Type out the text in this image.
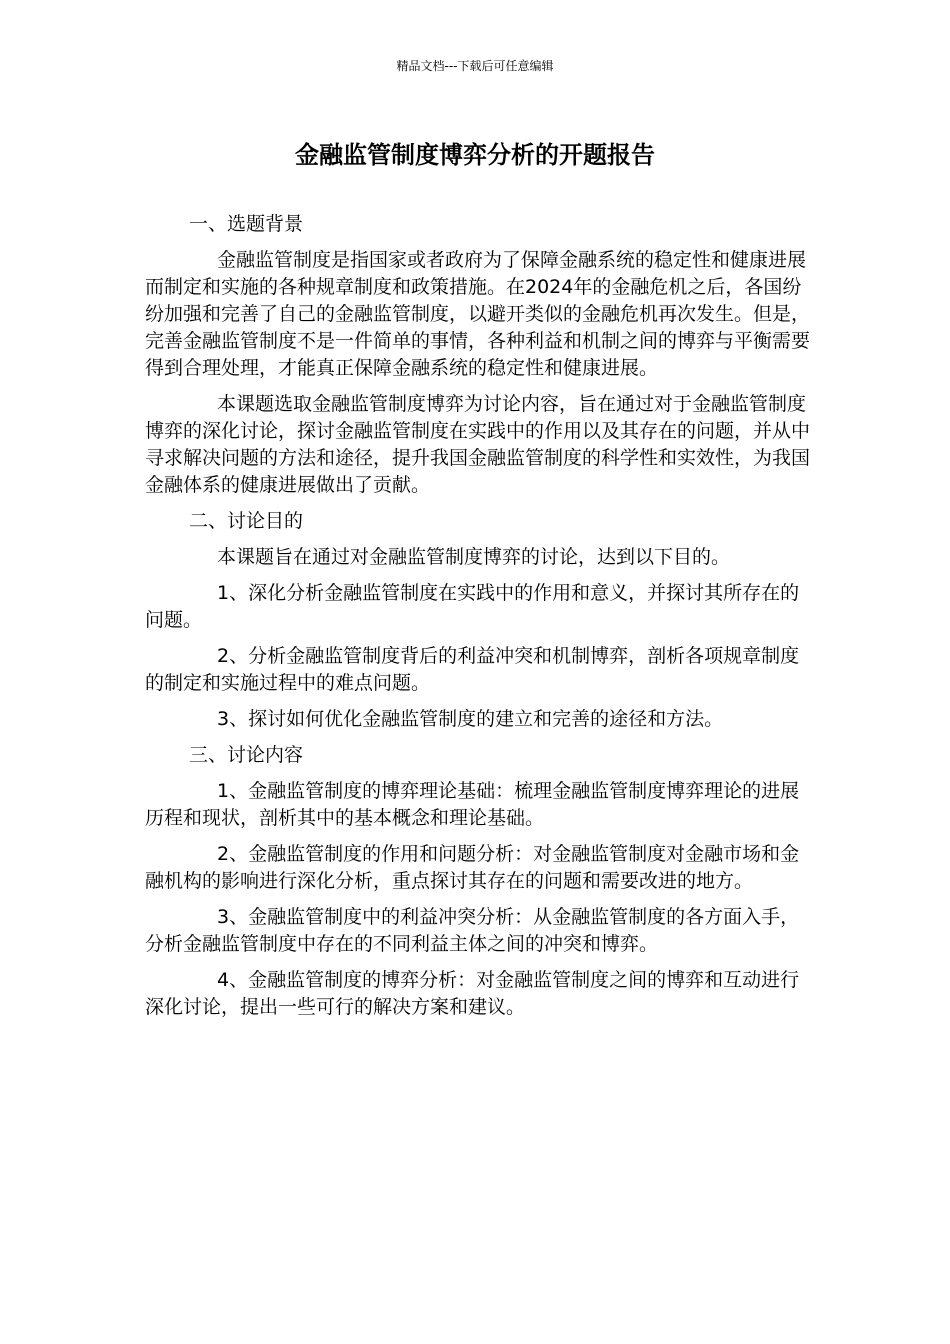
精品文档---下载后可任意编辑
金融监管制度博弈分析的开题报告
一、选题背景

金融监管制度是指国家或者政府为了保障金融系统的稳定性和健康进展而制定和实施的各种规章制度和政策措施。在2024年的金融危机之后，各国纷纷加强和完善了自己的金融监管制度，以避开类似的金融危机再次发生。但是，完善金融监管制度不是一件简单的事情，各种利益和机制之间的博弈与平衡需要得到合理处理，才能真正保障金融系统的稳定性和健康进展。

本课题选取金融监管制度博弈为讨论内容，旨在通过对于金融监管制度博弈的深化讨论，探讨金融监管制度在实践中的作用以及其存在的问题，并从中寻求解决问题的方法和途径，提升我国金融监管制度的科学性和实效性，为我国金融体系的健康进展做出了贡献。

二、讨论目的

本课题旨在通过对金融监管制度博弈的讨论，达到以下目的。

1、深化分析金融监管制度在实践中的作用和意义，并探讨其所存在的问题。

2、分析金融监管制度背后的利益冲突和机制博弈，剖析各项规章制度的制定和实施过程中的难点问题。

3、探讨如何优化金融监管制度的建立和完善的途径和方法。

三、讨论内容

1、金融监管制度的博弈理论基础：梳理金融监管制度博弈理论的进展历程和现状，剖析其中的基本概念和理论基础。

2、金融监管制度的作用和问题分析：对金融监管制度对金融市场和金融机构的影响进行深化分析，重点探讨其存在的问题和需要改进的地方。

3、金融监管制度中的利益冲突分析：从金融监管制度的各方面入手，分析金融监管制度中存在的不同利益主体之间的冲突和博弈。

4、金融监管制度的博弈分析：对金融监管制度之间的博弈和互动进行深化讨论，提出一些可行的解决方案和建议。
